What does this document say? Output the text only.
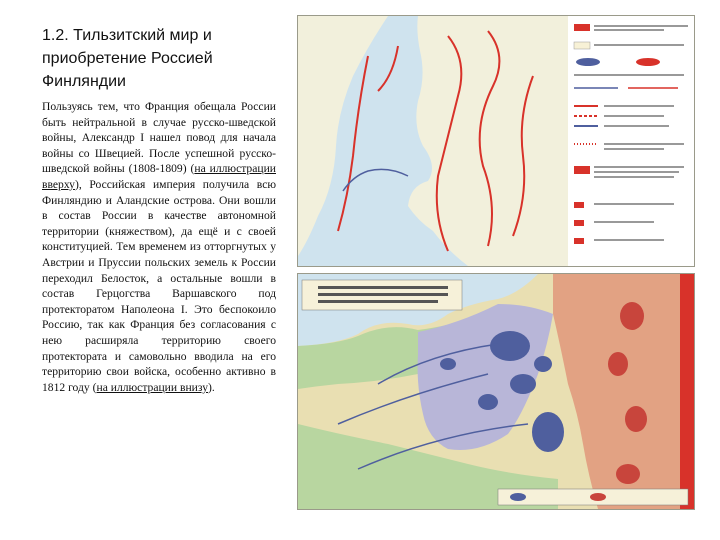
1.2. Тильзитский мир и приобретение Россией Финляндии

Пользуясь тем, что Франция обещала России быть нейтральной в случае русско-шведской войны, Александр I нашел повод для начала войны со Швецией. После успешной русско-шведской войны (1808-1809) (на иллюстрации вверху), Российская империя получила всю Финляндию и Аландские острова. Они вошли в состав России в качестве автономной территории (княжеством), да ещё и с своей конституцией. Тем временем из отторгнутых у Австрии и Пруссии польских земель к России переходил Белосток, а остальные вошли в состав Герцогства Варшавского под протекторатом Наполеона I. Это беспокоило Россию, так как Франция без согласования с нею расширяла территорию своего протектората и самовольно вводила на его территорию свои войска, особенно активно в 1812 году (на иллюстрации внизу).
